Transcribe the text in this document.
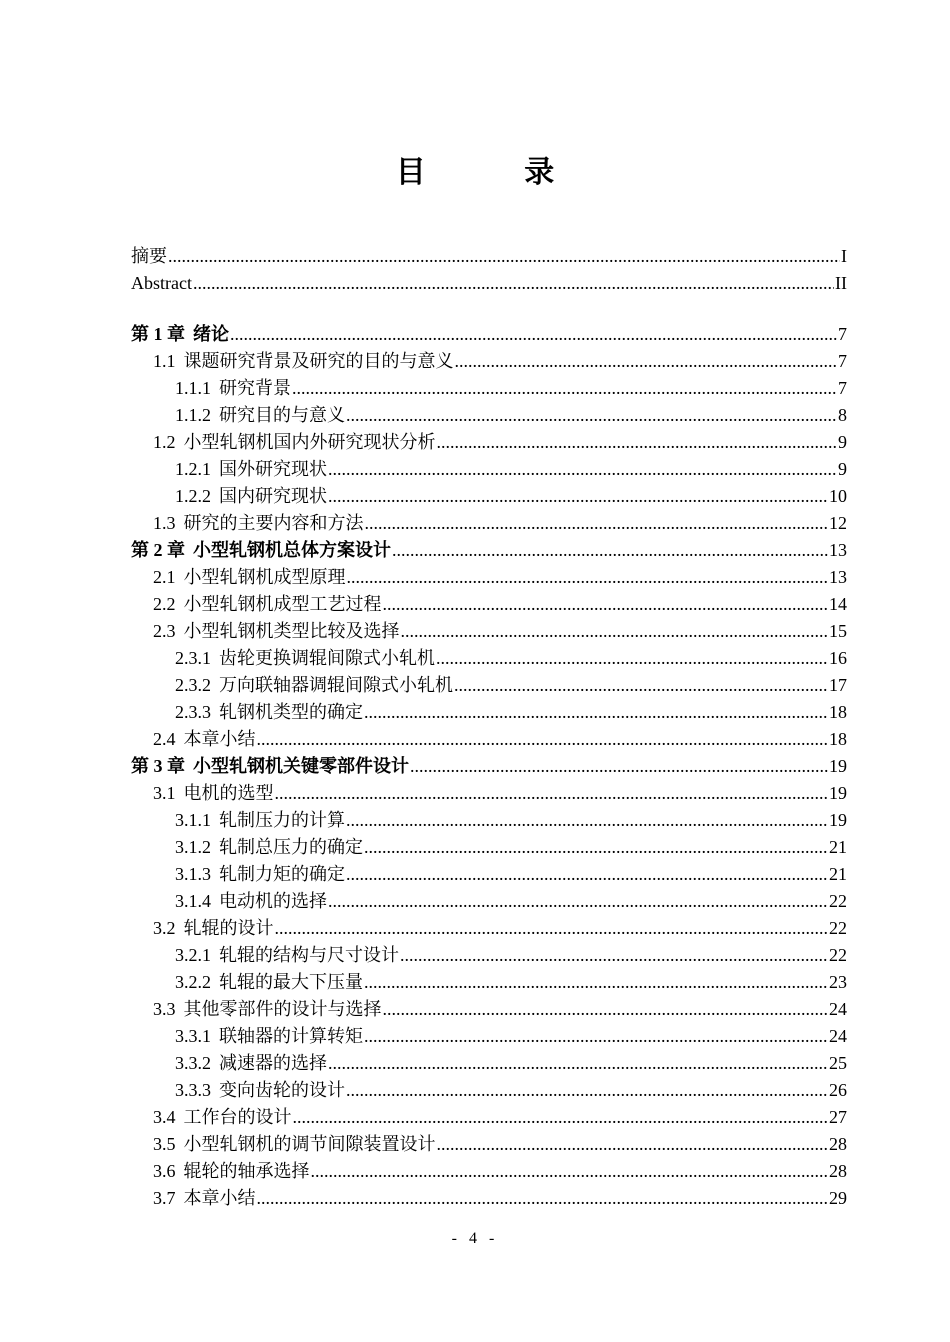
目 录
摘要 .....	I
Abstract .....	II
第 1 章 绪论 .....	7
1.1 课题研究背景及研究的目的与意义 .....	7
1.1.1 研究背景 .....	7
1.1.2 研究目的与意义 .....	8
1.2 小型轧钢机国内外研究现状分析 .....	9
1.2.1 国外研究现状 .....	9
1.2.2 国内研究现状 .....	10
1.3 研究的主要内容和方法 .....	12
第 2 章 小型轧钢机总体方案设计 .....	13
2.1 小型轧钢机成型原理 .....	13
2.2 小型轧钢机成型工艺过程 .....	14
2.3 小型轧钢机类型比较及选择 .....	15
2.3.1 齿轮更换调辊间隙式小轧机 .....	16
2.3.2 万向联轴器调辊间隙式小轧机 .....	17
2.3.3 轧钢机类型的确定 .....	18
2.4 本章小结 .....	18
第 3 章 小型轧钢机关键零部件设计 .....	19
3.1 电机的选型 .....	19
3.1.1 轧制压力的计算 .....	19
3.1.2 轧制总压力的确定 .....	21
3.1.3 轧制力矩的确定 .....	21
3.1.4 电动机的选择 .....	22
3.2 轧辊的设计 .....	22
3.2.1 轧辊的结构与尺寸设计 .....	22
3.2.2 轧辊的最大下压量 .....	23
3.3 其他零部件的设计与选择 .....	24
3.3.1 联轴器的计算转矩 .....	24
3.3.2 减速器的选择 .....	25
3.3.3 变向齿轮的设计 .....	26
3.4 工作台的设计 .....	27
3.5 小型轧钢机的调节间隙装置设计 .....	28
3.6 辊轮的轴承选择 .....	28
3.7 本章小结 .....	29
- 4 -
